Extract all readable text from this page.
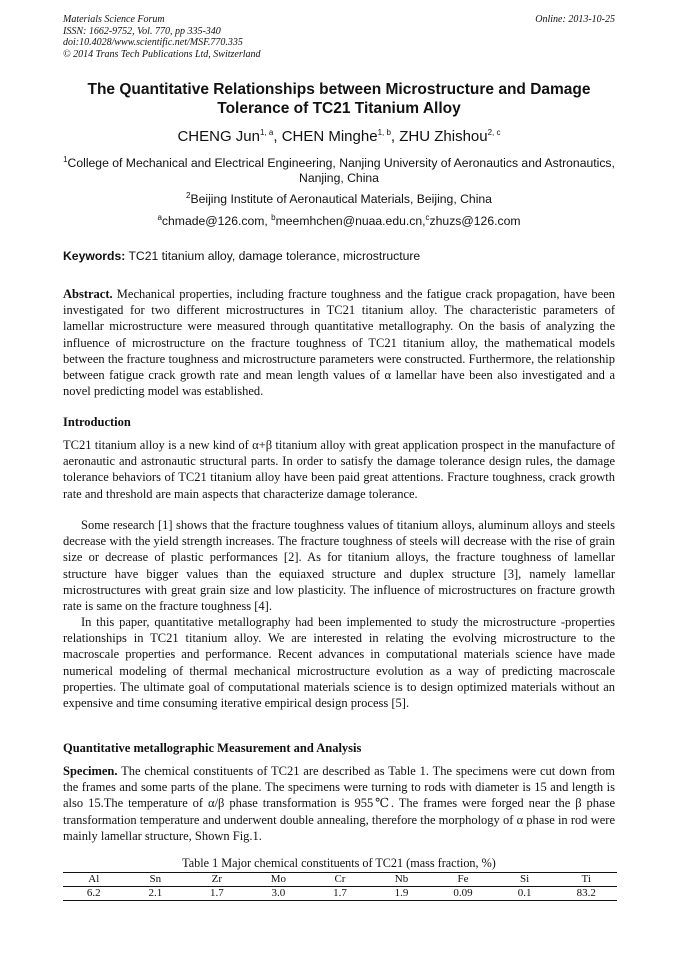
Materials Science Forum
ISSN: 1662-9752, Vol. 770, pp 335-340
doi:10.4028/www.scientific.net/MSF.770.335
© 2014 Trans Tech Publications Ltd, Switzerland
Online: 2013-10-25
The Quantitative Relationships between Microstructure and Damage Tolerance of TC21 Titanium Alloy
CHENG Jun$^{1, a}$, CHEN Minghe$^{1, b}$, ZHU Zhishou$^{2, c}$
$^1$College of Mechanical and Electrical Engineering, Nanjing University of Aeronautics and Astronautics, Nanjing, China
$^2$Beijing Institute of Aeronautical Materials, Beijing, China
$^a$chmade@126.com, $^b$meemhchen@nuaa.edu.cn,$^c$zhuzs@126.com
Keywords: TC21 titanium alloy, damage tolerance, microstructure
Abstract. Mechanical properties, including fracture toughness and the fatigue crack propagation, have been investigated for two different microstructures in TC21 titanium alloy. The characteristic parameters of lamellar microstructure were measured through quantitative metallography. On the basis of analyzing the influence of microstructure on the fracture toughness of TC21 titanium alloy, the mathematical models between the fracture toughness and microstructure parameters were constructed. Furthermore, the relationship between fatigue crack growth rate and mean length values of α lamellar have been also investigated and a novel predicting model was established.
Introduction
TC21 titanium alloy is a new kind of α+β titanium alloy with great application prospect in the manufacture of aeronautic and astronautic structural parts. In order to satisfy the damage tolerance design rules, the damage tolerance behaviors of TC21 titanium alloy have been paid great attentions. Fracture toughness, crack growth rate and threshold are main aspects that characterize damage tolerance.
Some research [1] shows that the fracture toughness values of titanium alloys, aluminum alloys and steels decrease with the yield strength increases. The fracture toughness of steels will decrease with the rise of grain size or decrease of plastic performances [2]. As for titanium alloys, the fracture toughness of lamellar structure have bigger values than the equiaxed structure and duplex structure [3], namely lamellar microstructures with great grain size and low plasticity. The influence of microstructures on fracture growth rate is same on the fracture toughness [4].
In this paper, quantitative metallography had been implemented to study the microstructure -properties relationships in TC21 titanium alloy. We are interested in relating the evolving microstructure to the macroscale properties and performance. Recent advances in computational materials science have made numerical modeling of thermal mechanical microstructure evolution as a way of predicting macroscale properties. The ultimate goal of computational materials science is to design optimized materials without an expensive and time consuming iterative empirical design process [5].
Quantitative metallographic Measurement and Analysis
Specimen. The chemical constituents of TC21 are described as Table 1. The specimens were cut down from the frames and some parts of the plane. The specimens were turning to rods with diameter is 15 and length is also 15.The temperature of α/β phase transformation is 955℃. The frames were forged near the β phase transformation temperature and underwent double annealing, therefore the morphology of α phase in rod were mainly lamellar structure, Shown Fig.1.
Table 1 Major chemical constituents of TC21 (mass fraction, %)
Al	Sn	Zr	Mo	Cr	Nb	Fe	Si	Ti
6.2	2.1	1.7	3.0	1.7	1.9	0.09	0.1	83.2
